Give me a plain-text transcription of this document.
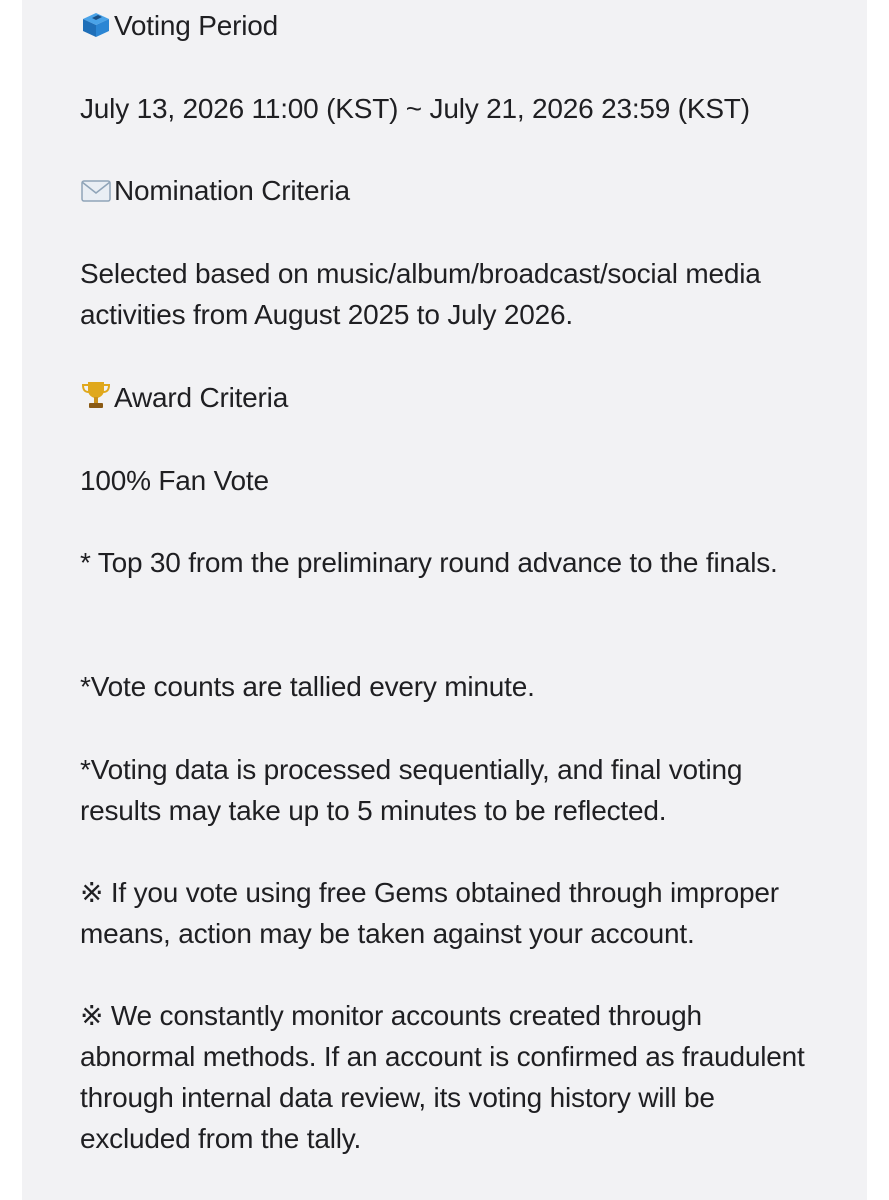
Voting Period
July 13, 2026 11:00 (KST) ~ July 21, 2026 23:59 (KST)
Nomination Criteria
Selected based on music/album/broadcast/social media activities from August 2025 to July 2026.
Award Criteria
100% Fan Vote
* Top 30 from the preliminary round advance to the finals.
*Vote counts are tallied every minute.
*Voting data is processed sequentially, and final voting results may take up to 5 minutes to be reflected.
※ If you vote using free Gems obtained through improper means, action may be taken against your account.
※ We constantly monitor accounts created through abnormal methods. If an account is confirmed as fraudulent through internal data review, its voting history will be excluded from the tally.
